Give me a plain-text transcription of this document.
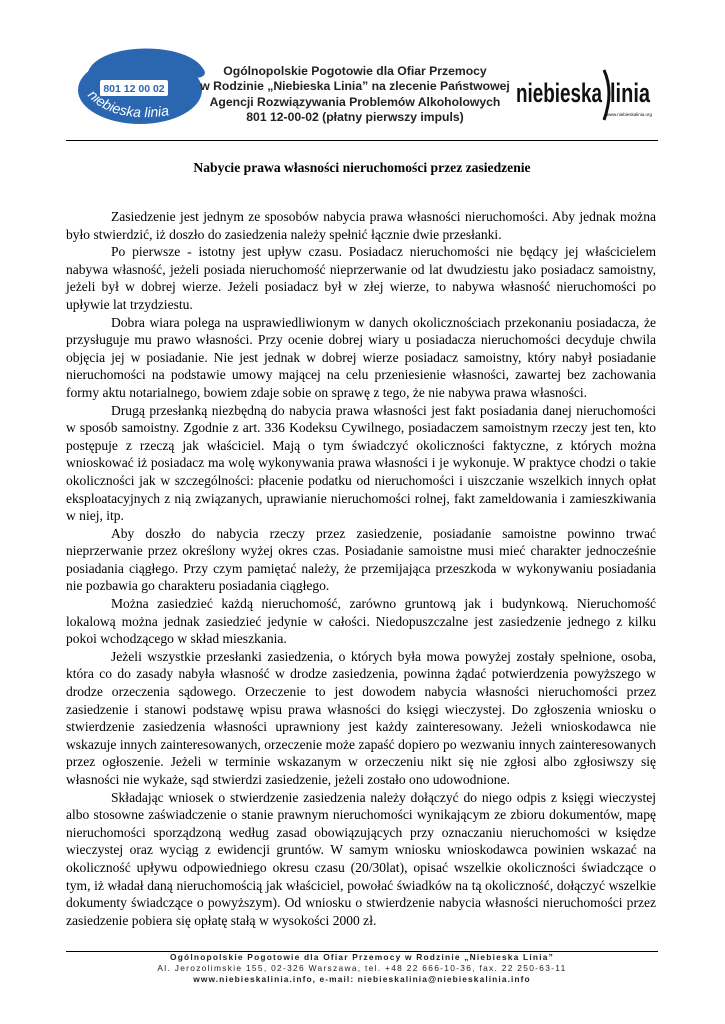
801 12 00 02
niebieska linia
Ogólnopolskie Pogotowie dla Ofiar Przemocy
w Rodzinie „Niebieska Linia” na zlecenie Państwowej
Agencji Rozwiązywania Problemów Alkoholowych
801 12-00-02 (płatny pierwszy impuls)
niebieska linia
www.niebieskalinia.org
Nabycie prawa własności nieruchomości przez zasiedzenie

Zasiedzenie jest jednym ze sposobów nabycia prawa własności nieruchomości. Aby jednak można było stwierdzić, iż doszło do zasiedzenia należy spełnić łącznie dwie przesłanki.

Po pierwsze - istotny jest upływ czasu. Posiadacz nieruchomości nie będący jej właścicielem nabywa własność, jeżeli posiada nieruchomość nieprzerwanie od lat dwudziestu jako posiadacz samoistny, jeżeli był w dobrej wierze. Jeżeli posiadacz był w złej wierze, to nabywa własność nieruchomości po upływie lat trzydziestu.

Dobra wiara polega na usprawiedliwionym w danych okolicznościach przekonaniu posiadacza, że przysługuje mu prawo własności. Przy ocenie dobrej wiary u posiadacza nieruchomości decyduje chwila objęcia jej w posiadanie. Nie jest jednak w dobrej wierze posiadacz samoistny, który nabył posiadanie nieruchomości na podstawie umowy mającej na celu przeniesienie własności, zawartej bez zachowania formy aktu notarialnego, bowiem zdaje sobie on sprawę z tego, że nie nabywa prawa własności.

Drugą przesłanką niezbędną do nabycia prawa własności jest fakt posiadania danej nieruchomości w sposób samoistny. Zgodnie z art. 336 Kodeksu Cywilnego, posiadaczem samoistnym rzeczy jest ten, kto postępuje z rzeczą jak właściciel. Mają o tym świadczyć okoliczności faktyczne, z których można wnioskować iż posiadacz ma wolę wykonywania prawa własności i je wykonuje. W praktyce chodzi o takie okoliczności jak w szczególności: płacenie podatku od nieruchomości i uiszczanie wszelkich innych opłat eksploatacyjnych z nią związanych, uprawianie nieruchomości rolnej, fakt zameldowania i zamieszkiwania w niej, itp.

Aby doszło do nabycia rzeczy przez zasiedzenie, posiadanie samoistne powinno trwać nieprzerwanie przez określony wyżej okres czas. Posiadanie samoistne musi mieć charakter jednocześnie posiadania ciągłego. Przy czym pamiętać należy, że przemijająca przeszkoda w wykonywaniu posiadania nie pozbawia go charakteru posiadania ciągłego.

Można zasiedzieć każdą nieruchomość, zarówno gruntową jak i budynkową. Nieruchomość lokalową można jednak zasiedzieć jedynie w całości. Niedopuszczalne jest zasiedzenie jednego z kilku pokoi wchodzącego w skład mieszkania.

Jeżeli wszystkie przesłanki zasiedzenia, o których była mowa powyżej zostały spełnione, osoba, która co do zasady nabyła własność w drodze zasiedzenia, powinna żądać potwierdzenia powyższego w drodze orzeczenia sądowego. Orzeczenie to jest dowodem nabycia własności nieruchomości przez zasiedzenie i stanowi podstawę wpisu prawa własności do księgi wieczystej. Do zgłoszenia wniosku o stwierdzenie zasiedzenia własności uprawniony jest każdy zainteresowany. Jeżeli wnioskodawca nie wskazuje innych zainteresowanych, orzeczenie może zapaść dopiero po wezwaniu innych zainteresowanych przez ogłoszenie. Jeżeli w terminie wskazanym w orzeczeniu nikt się nie zgłosi albo zgłosiwszy się własności nie wykaże, sąd stwierdzi zasiedzenie, jeżeli zostało ono udowodnione.

Składając wniosek o stwierdzenie zasiedzenia należy dołączyć do niego odpis z księgi wieczystej albo stosowne zaświadczenie o stanie prawnym nieruchomości wynikającym ze zbioru dokumentów, mapę nieruchomości sporządzoną według zasad obowiązujących przy oznaczaniu nieruchomości w księdze wieczystej oraz wyciąg z ewidencji gruntów. W samym wniosku wnioskodawca powinien wskazać na okoliczność upływu odpowiedniego okresu czasu (20/30lat), opisać wszelkie okoliczności świadczące o tym, iż władał daną nieruchomością jak właściciel, powołać świadków na tą okoliczność, dołączyć wszelkie dokumenty świadczące o powyższym). Od wniosku o stwierdzenie nabycia własności nieruchomości przez zasiedzenie pobiera się opłatę stałą w wysokości 2000 zł.

Ogólnopolskie Pogotowie dla Ofiar Przemocy w Rodzinie „Niebieska Linia”
Al. Jerozolimskie 155, 02-326 Warszawa, tel. +48 22 666-10-36, fax. 22 250-63-11
www.niebieskalinia.info, e-mail: niebieskalinia@niebieskalinia.info
